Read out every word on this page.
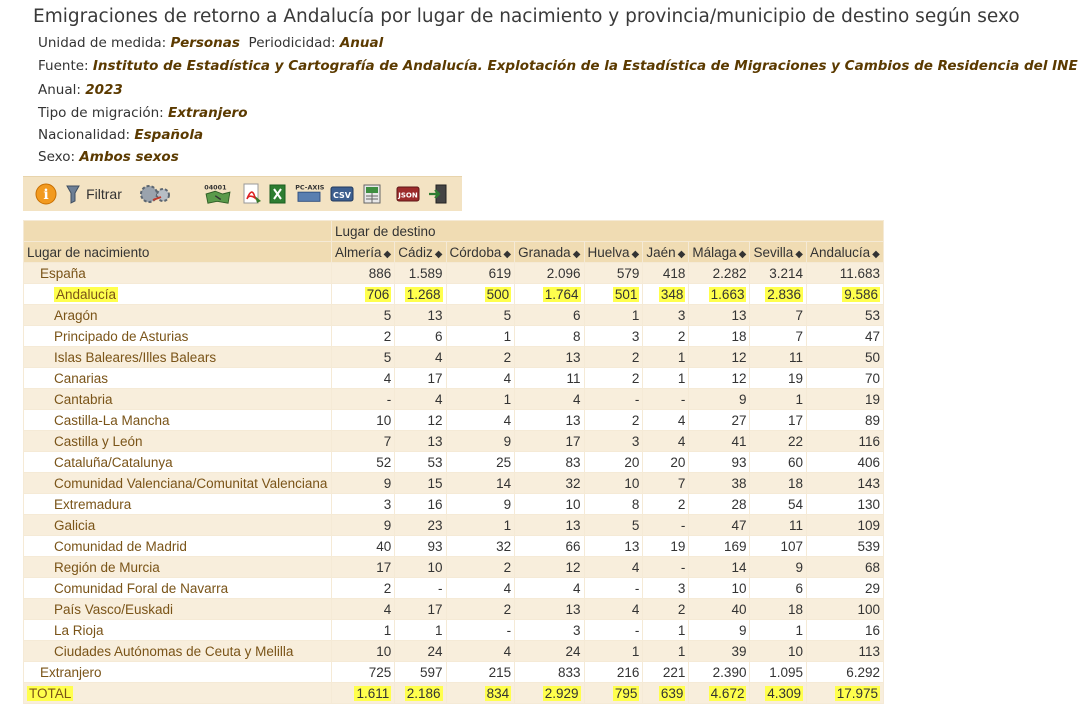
Emigraciones de retorno a Andalucía por lugar de nacimiento y provincia/municipio de destino según sexo
Unidad de medida: Personas Periodicidad: Anual
Fuente: Instituto de Estadística y Cartografía de Andalucía. Explotación de la Estadística de Migraciones y Cambios de Residencia del INE
Anual: 2023
Tipo de migración: Extranjero
Nacionalidad: Española
Sexo: Ambos sexos
i	Filtrar	04001	PC-AXIS
CSV	JSON
	Lugar de destino								
Lugar de nacimiento	Almería ◆	Cádiz ◆	Córdoba ◆	Granada ◆	Huelva ◆	Jaén ◆	Málaga ◆	Sevilla ◆	Andalucía ◆
España	886	1.589	619	2.096	579	418	2.282	3.214	11.683
Andalucía	706	1.268	500	1.764	501	348	1.663	2.836	9.586
Aragón	5	13	5	6	1	3	13	7	53
Principado de Asturias	2	6	1	8	3	2	18	7	47
Islas Baleares/Illes Balears	5	4	2	13	2	1	12	11	50
Canarias	4	17	4	11	2	1	12	19	70
Cantabria	-	4	1	4	-	-	9	1	19
Castilla-La Mancha	10	12	4	13	2	4	27	17	89
Castilla y León	7	13	9	17	3	4	41	22	116
Cataluña/Catalunya	52	53	25	83	20	20	93	60	406
Comunidad Valenciana/Comunitat Valenciana	9	15	14	32	10	7	38	18	143
Extremadura	3	16	9	10	8	2	28	54	130
Galicia	9	23	1	13	5	-	47	11	109
Comunidad de Madrid	40	93	32	66	13	19	169	107	539
Región de Murcia	17	10	2	12	4	-	14	9	68
Comunidad Foral de Navarra	2	-	4	4	-	3	10	6	29
País Vasco/Euskadi	4	17	2	13	4	2	40	18	100
La Rioja	1	1	-	3	-	1	9	1	16
Ciudades Autónomas de Ceuta y Melilla	10	24	4	24	1	1	39	10	113
Extranjero	725	597	215	833	216	221	2.390	1.095	6.292
TOTAL	1.611	2.186	834	2.929	795	639	4.672	4.309	17.975
